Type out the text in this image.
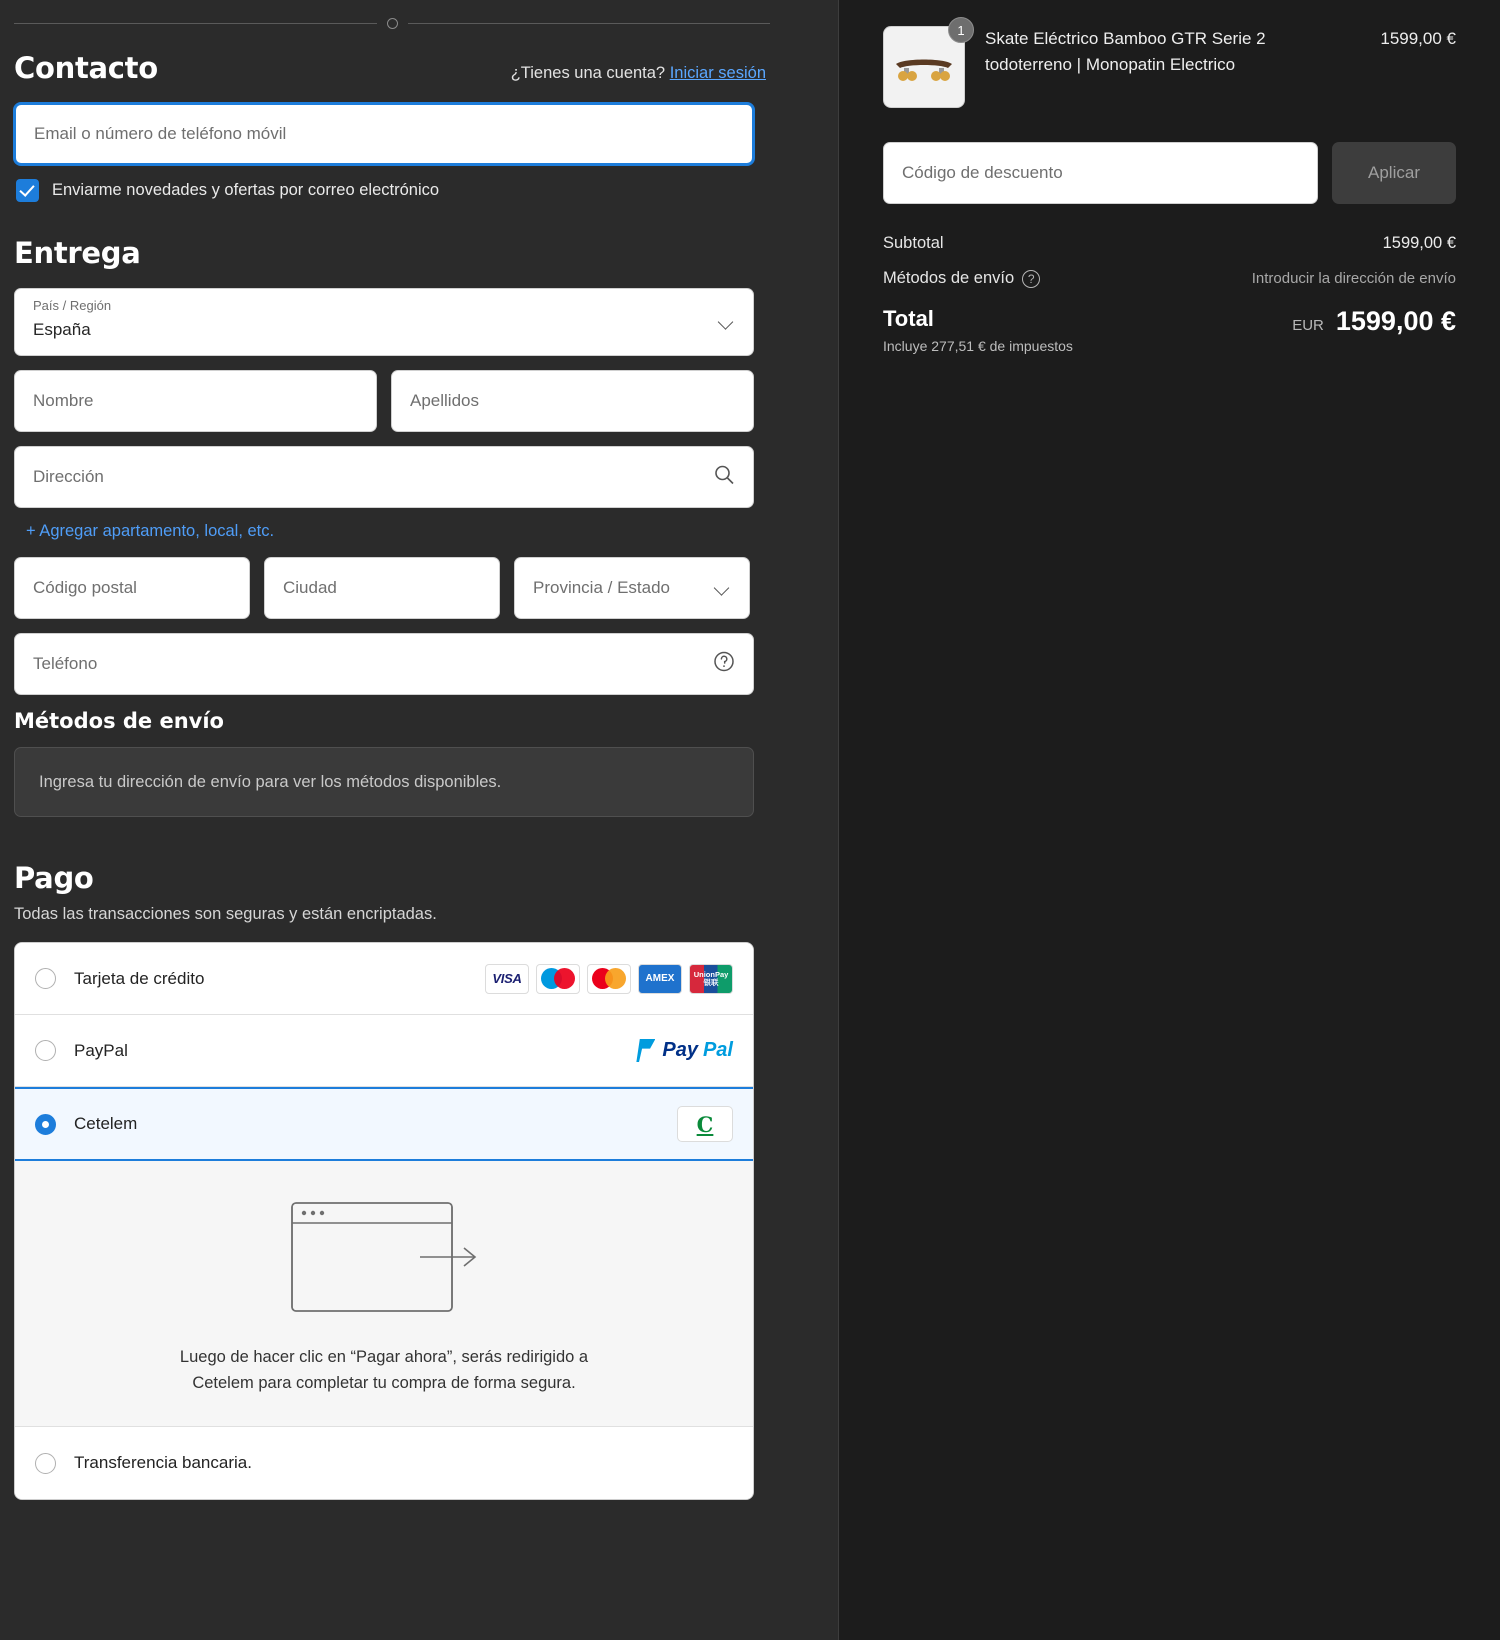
Contacto	¿Tienes una cuenta? Iniciar sesión
Email o número de teléfono móvil
Enviarme novedades y ofertas por correo electrónico
Entrega
País / Región
España
Nombre
Apellidos
Dirección
+ Agregar apartamento, local, etc.
Código postal
Ciudad
Provincia / Estado
Teléfono
Métodos de envío
Ingresa tu dirección de envío para ver los métodos disponibles.
Pago
Todas las transacciones son seguras y están encriptadas.
Tarjeta de crédito	VISA	AMEX	UnionPay
银联
PayPal	Pay Pal
Cetelem	C
Luego de hacer clic en “Pagar ahora”, serás redirigido a
Cetelem para completar tu compra de forma segura.
Transferencia bancaria.
1	Skate Eléctrico Bamboo GTR Serie 2 todoterreno | Monopatin Electrico
1599,00 €
Código de descuento
Aplicar
Subtotal	1599,00 €
Métodos de envío	?	Introducir la dirección de envío
Total
Incluye 277,51 € de impuestos
EUR 1599,00 €
